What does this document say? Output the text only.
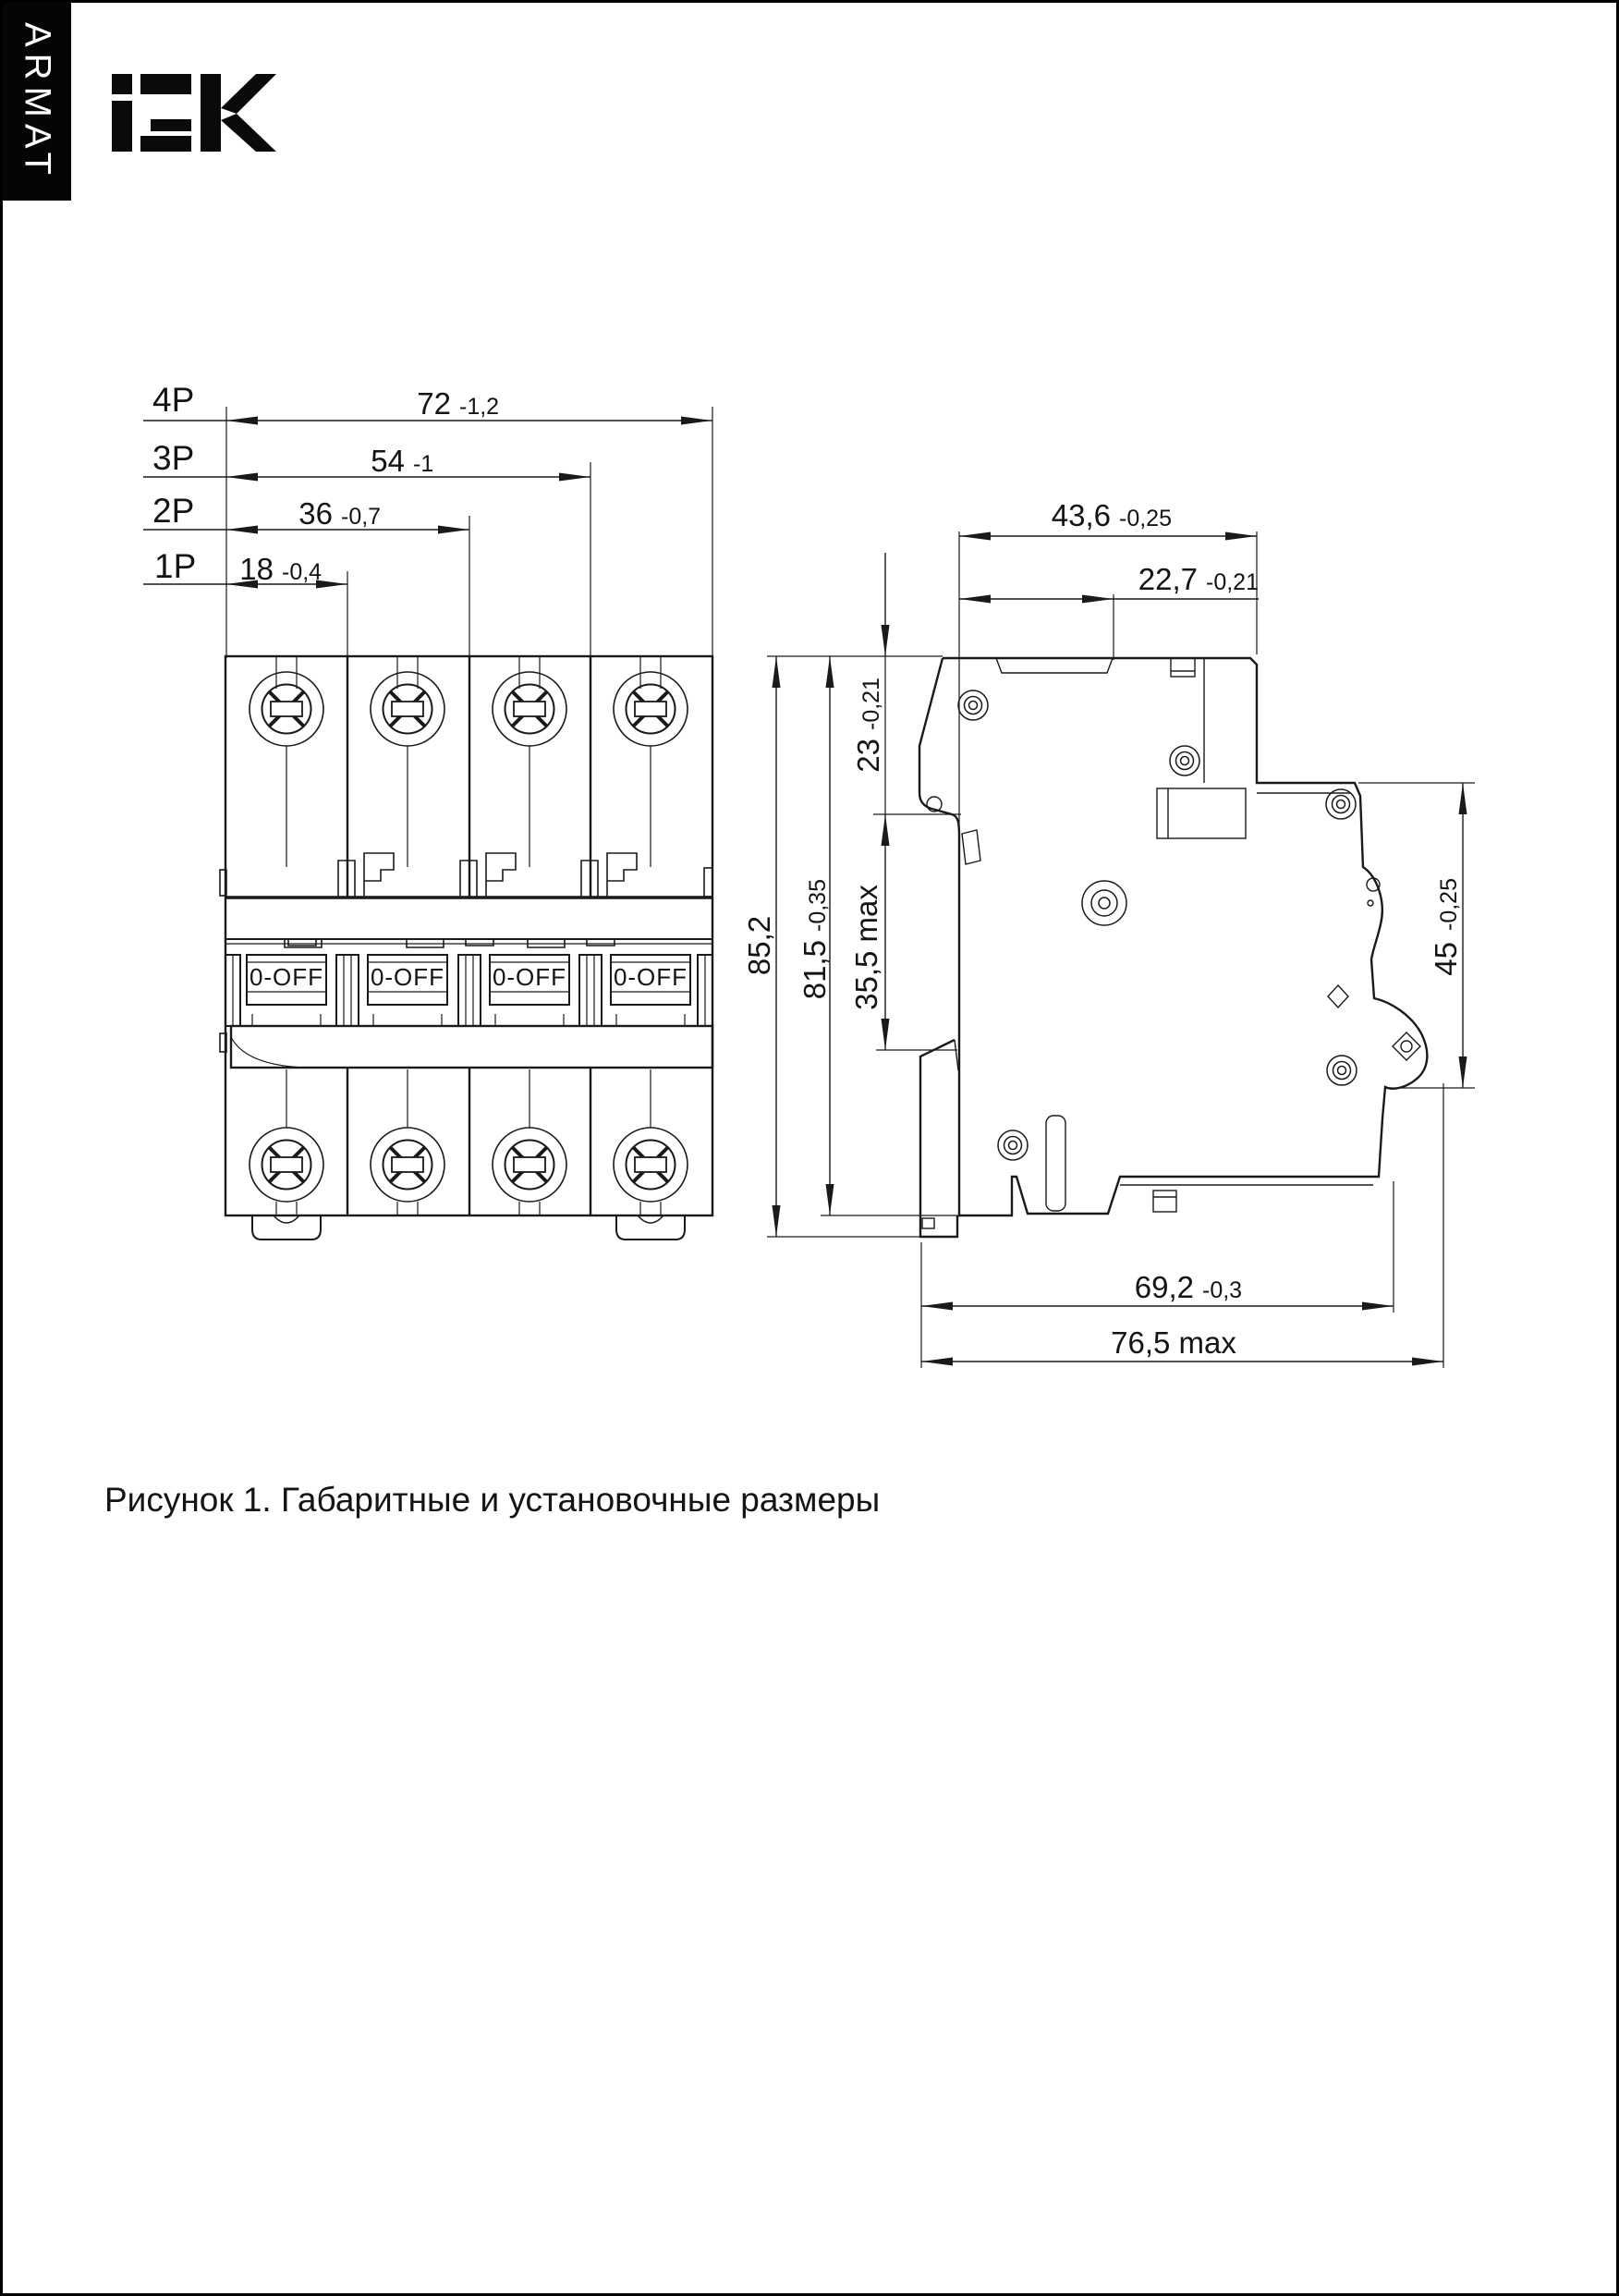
ARMAT
4P
3P
2P
1P
72 -1,2
54 -1
36 -0,7
18 -0,4
0-OFF 0-OFF 0-OFF 0-OFF
43,6 -0,25
22,7 -0,21
85,2 81,5
-0,35
23
-0,21
35,5 max	45
-0,25
69,2 -0,3
76,5 max
Рисунок 1. Габаритные и установочные размеры
